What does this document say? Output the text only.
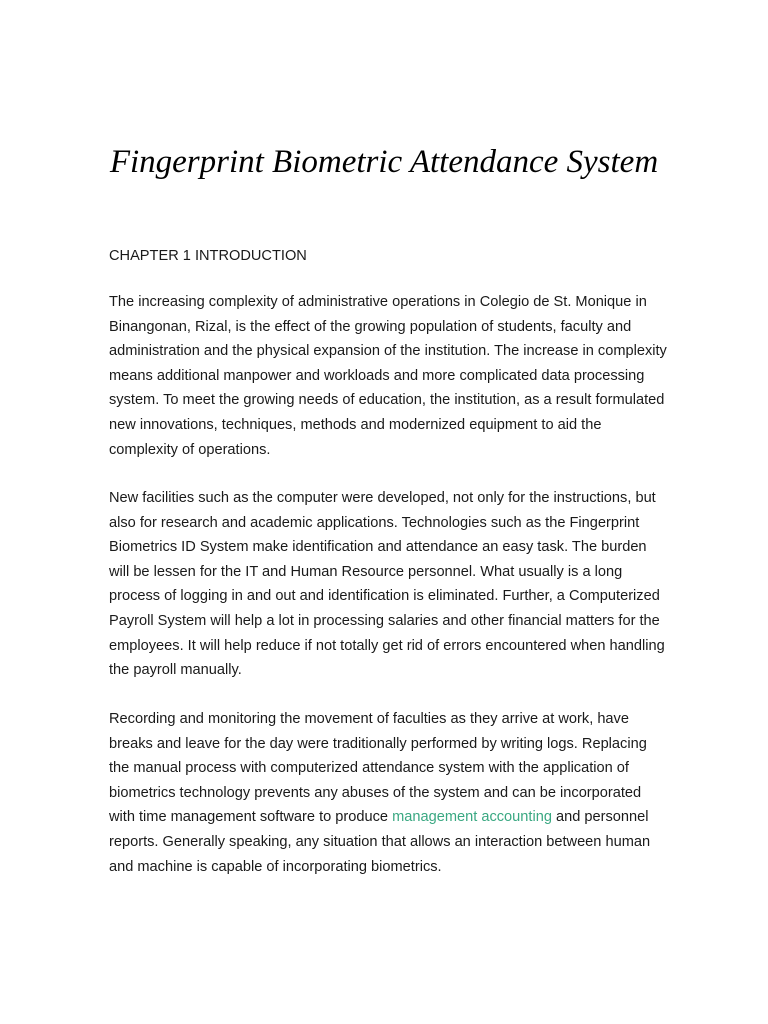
Fingerprint Biometric Attendance System

CHAPTER 1 INTRODUCTION

The increasing complexity of administrative operations in Colegio de St. Monique in Binangonan, Rizal, is the effect of the growing population of students, faculty and administration and the physical expansion of the institution. The increase in complexity means additional manpower and workloads and more complicated data processing system. To meet the growing needs of education, the institution, as a result formulated new innovations, techniques, methods and modernized equipment to aid the complexity of operations.

New facilities such as the computer were developed, not only for the instructions, but also for research and academic applications. Technologies such as the Fingerprint Biometrics ID System make identification and attendance an easy task. The burden will be lessen for the IT and Human Resource personnel. What usually is a long process of logging in and out and identification is eliminated. Further, a Computerized Payroll System will help a lot in processing salaries and other financial matters for the employees. It will help reduce if not totally get rid of errors encountered when handling the payroll manually.

Recording and monitoring the movement of faculties as they arrive at work, have breaks and leave for the day were traditionally performed by writing logs. Replacing the manual process with computerized attendance system with the application of biometrics technology prevents any abuses of the system and can be incorporated with time management software to produce management accounting and personnel reports. Generally speaking, any situation that allows an interaction between human and machine is capable of incorporating biometrics.
